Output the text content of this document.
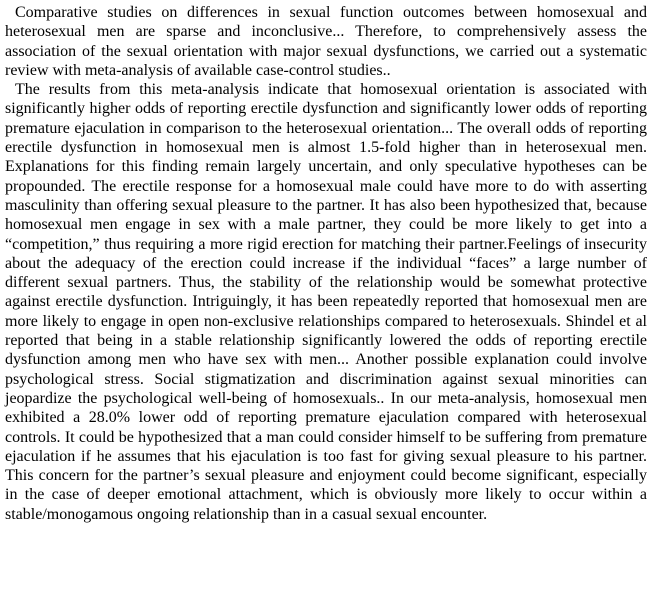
Comparative studies on differences in sexual function outcomes between homosexual and heterosexual men are sparse and inconclusive... Therefore, to comprehensively assess the association of the sexual orientation with major sexual dysfunctions, we carried out a systematic review with meta-analysis of available case-control studies..

The results from this meta-analysis indicate that homosexual orientation is associated with significantly higher odds of reporting erectile dysfunction and significantly lower odds of reporting premature ejaculation in comparison to the heterosexual orientation... The overall odds of reporting erectile dysfunction in homosexual men is almost 1.5-fold higher than in heterosexual men. Explanations for this finding remain largely uncertain, and only speculative hypotheses can be propounded. The erectile response for a homosexual male could have more to do with asserting masculinity than offering sexual pleasure to the partner. It has also been hypothesized that, because homosexual men engage in sex with a male partner, they could be more likely to get into a “competition,” thus requiring a more rigid erection for matching their partner.Feelings of insecurity about the adequacy of the erection could increase if the individual “faces” a large number of different sexual partners. Thus, the stability of the relationship would be somewhat protective against erectile dysfunction. Intriguingly, it has been repeatedly reported that homosexual men are more likely to engage in open non-exclusive relationships compared to heterosexuals. Shindel et al reported that being in a stable relationship significantly lowered the odds of reporting erectile dysfunction among men who have sex with men... Another possible explanation could involve psychological stress. Social stigmatization and discrimination against sexual minorities can jeopardize the psychological well-being of homosexuals.. In our meta-analysis, homosexual men exhibited a 28.0% lower odd of reporting premature ejaculation compared with heterosexual controls. It could be hypothesized that a man could consider himself to be suffering from premature ejaculation if he assumes that his ejaculation is too fast for giving sexual pleasure to his partner. This concern for the partner’s sexual pleasure and enjoyment could become significant, especially in the case of deeper emotional attachment, which is obviously more likely to occur within a stable/monogamous ongoing relationship than in a casual sexual encounter.
